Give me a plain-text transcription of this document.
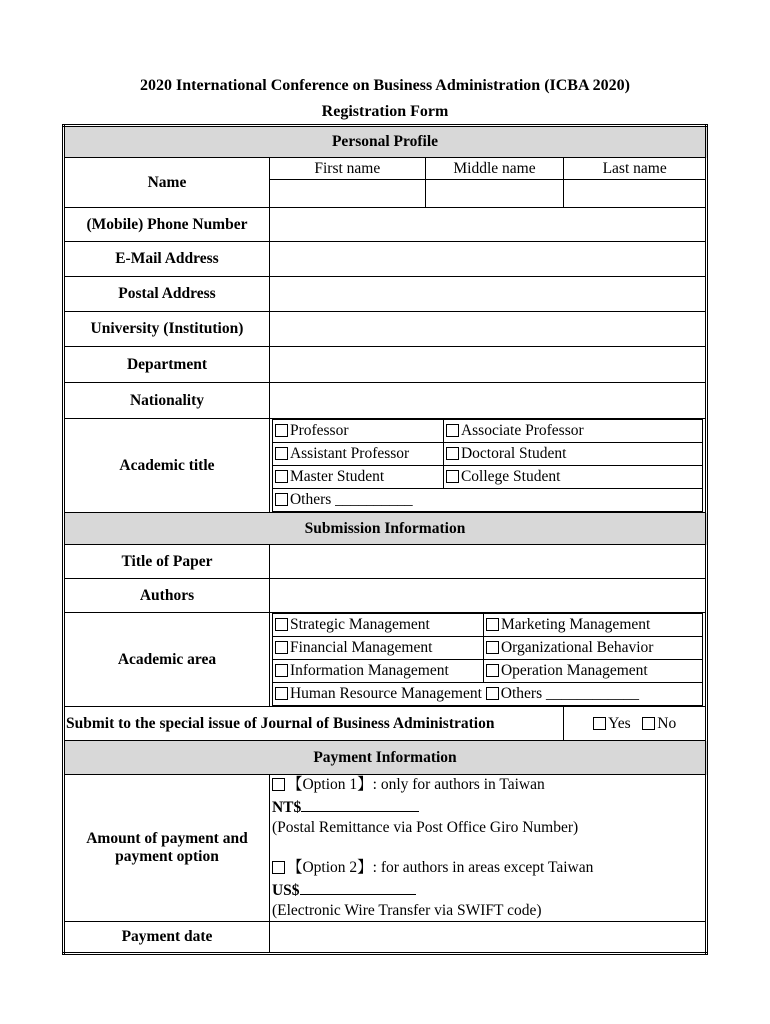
2020 International Conference on Business Administration (ICBA 2020)
Registration Form
Personal Profile
Name	First name	Middle name	Last name

(Mobile) Phone Number	
E-Mail Address	
Postal Address	
University (Institution)	
Department	
Nationality	
Academic title	
Professor	Associate Professor
Assistant Professor	Doctoral Student
Master Student	College Student
Others __________

Submission Information
Title of Paper	
Authors	
Academic area	
Strategic Management	Marketing Management
Financial Management	Organizational Behavior
Information Management	Operation Management
Human Resource Management Others ____________

Submit to the special issue of Journal of Business Administration	Yes No
Payment Information
Amount of payment and payment option	
【Option 1】: only for authors in Taiwan
NT$
(Postal Remittance via Post Office Giro Number)
【Option 2】: for authors in areas except Taiwan
US$
(Electronic Wire Transfer via SWIFT code)

Payment date	
